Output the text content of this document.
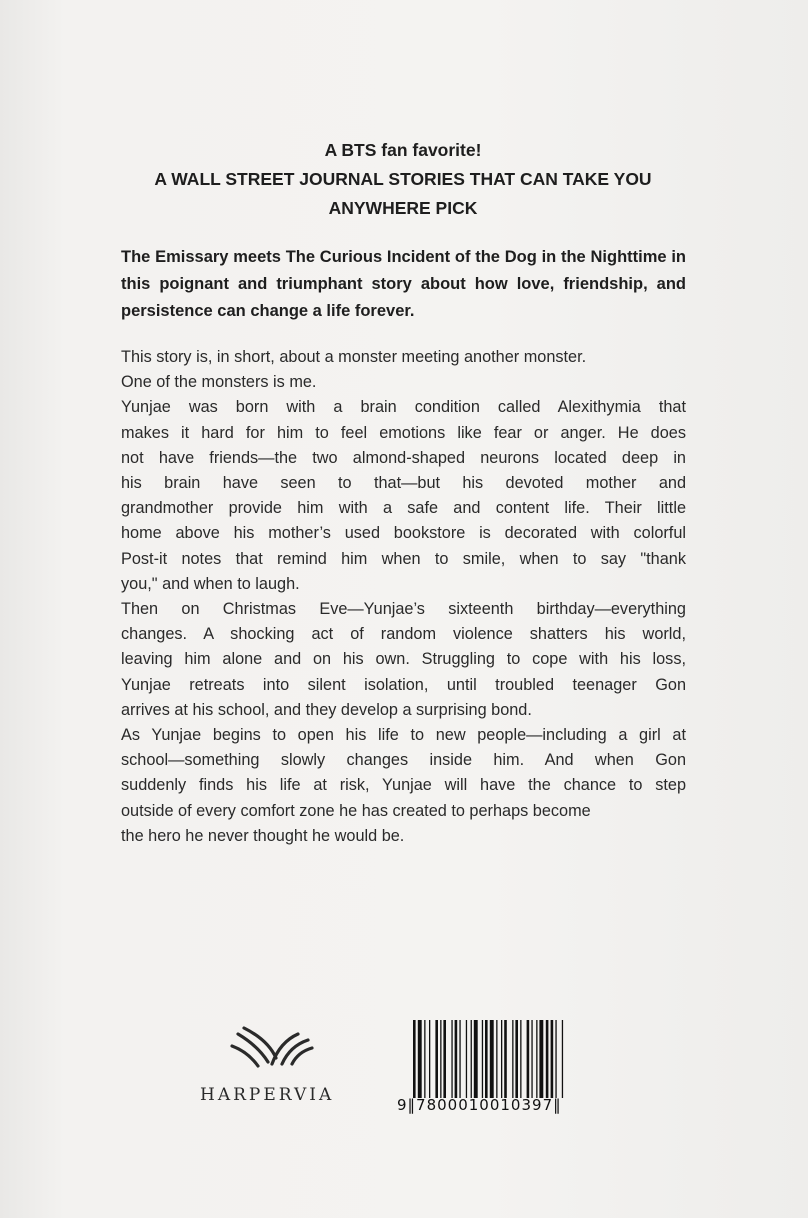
A BTS fan favorite!
A WALL STREET JOURNAL STORIES THAT CAN TAKE YOU
ANYWHERE PICK
The Emissary meets The Curious Incident of the Dog in the Nighttime in this poignant and triumphant story about how love, friendship, and persistence can change a life forever.
This story is, in short, about a monster meeting another monster.
One of the monsters is me.
Yunjae was born with a brain condition called Alexithymia that
makes it hard for him to feel emotions like fear or anger. He does
not have friends—the two almond-shaped neurons located deep in
his brain have seen to that—but his devoted mother and
grandmother provide him with a safe and content life. Their little
home above his mother’s used bookstore is decorated with colorful
Post-it notes that remind him when to smile, when to say "thank
you," and when to laugh.
Then on Christmas Eve—Yunjae’s sixteenth birthday—everything
changes. A shocking act of random violence shatters his world,
leaving him alone and on his own. Struggling to cope with his loss,
Yunjae retreats into silent isolation, until troubled teenager Gon
arrives at his school, and they develop a surprising bond.
As Yunjae begins to open his life to new people—including a girl at
school—something slowly changes inside him. And when Gon
suddenly finds his life at risk, Yunjae will have the chance to step
outside of every comfort zone he has created to perhaps become
the hero he never thought he would be.
HARPERVIA	9‖7800010010397‖
